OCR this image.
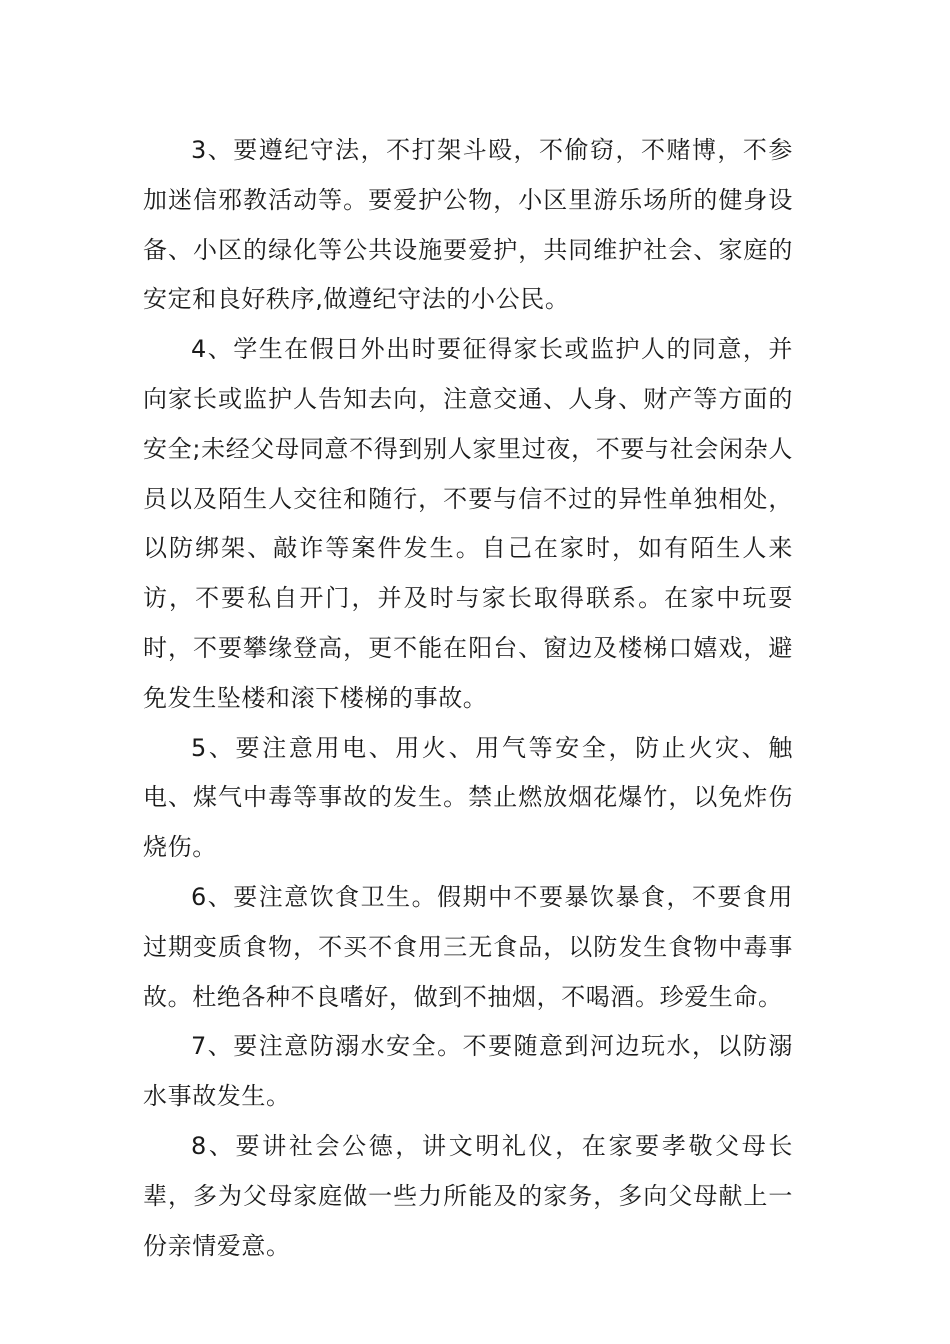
3、要遵纪守法，不打架斗殴，不偷窃，不赌博，不参加迷信邪教活动等。要爱护公物，小区里游乐场所的健身设备、小区的绿化等公共设施要爱护，共同维护社会、家庭的安定和良好秩序,做遵纪守法的小公民。

4、学生在假日外出时要征得家长或监护人的同意，并向家长或监护人告知去向，注意交通、人身、财产等方面的安全;未经父母同意不得到别人家里过夜，不要与社会闲杂人员以及陌生人交往和随行，不要与信不过的异性单独相处，以防绑架、敲诈等案件发生。自己在家时，如有陌生人来访，不要私自开门，并及时与家长取得联系。在家中玩耍时，不要攀缘登高，更不能在阳台、窗边及楼梯口嬉戏，避免发生坠楼和滚下楼梯的事故。

5、要注意用电、用火、用气等安全，防止火灾、触电、煤气中毒等事故的发生。禁止燃放烟花爆竹，以免炸伤烧伤。

6、要注意饮食卫生。假期中不要暴饮暴食，不要食用过期变质食物，不买不食用三无食品，以防发生食物中毒事故。杜绝各种不良嗜好，做到不抽烟，不喝酒。珍爱生命。

7、要注意防溺水安全。不要随意到河边玩水，以防溺水事故发生。

8、要讲社会公德，讲文明礼仪，在家要孝敬父母长辈，多为父母家庭做一些力所能及的家务，多向父母献上一份亲情爱意。
